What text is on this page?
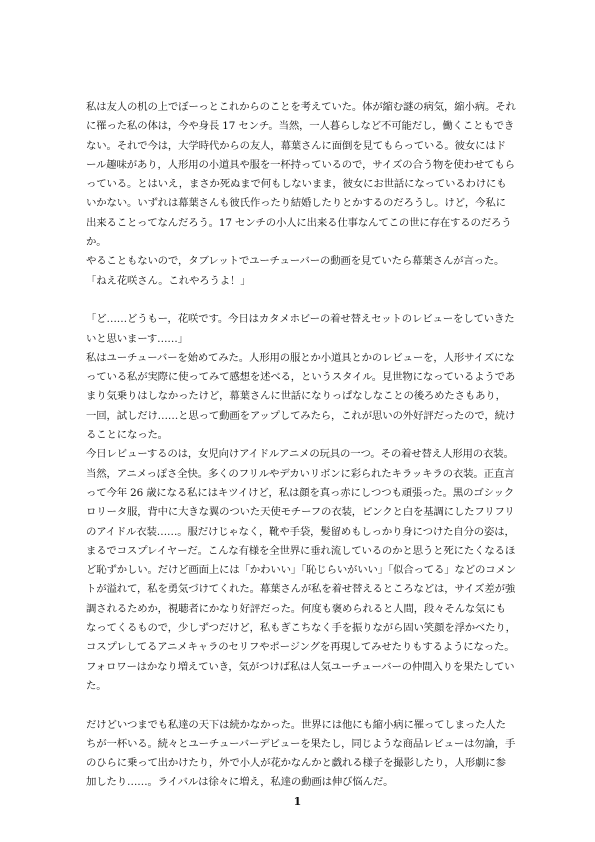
私は友人の机の上でぼーっとこれからのことを考えていた。体が縮む謎の病気，縮小病。それに罹った私の体は，今や身長 17 センチ。当然，一人暮らしなど不可能だし，働くこともできない。それで今は，大学時代からの友人，幕葉さんに面倒を見てもらっている。彼女にはドール趣味があり，人形用の小道具や服を一杯持っているので，サイズの合う物を使わせてもらっている。とはいえ，まさか死ぬまで何もしないまま，彼女にお世話になっているわけにもいかない。いずれは幕葉さんも彼氏作ったり結婚したりとかするのだろうし。けど，今私に出来ることってなんだろう。17 センチの小人に出来る仕事なんてこの世に存在するのだろうか。

やることもないので，タブレットでユーチューバーの動画を見ていたら幕葉さんが言った。

「ねえ花咲さん。これやろうよ！」

「ど……どうもー，花咲です。今日はカタメホビーの着せ替えセットのレビューをしていきたいと思いまーす……」

私はユーチューバーを始めてみた。人形用の服とか小道具とかのレビューを，人形サイズになっている私が実際に使ってみて感想を述べる，というスタイル。見世物になっているようであまり気乗りはしなかったけど，幕葉さんに世話になりっぱなしなことの後ろめたさもあり，一回，試しだけ……と思って動画をアップしてみたら，これが思いの外好評だったので，続けることになった。

今日レビューするのは，女児向けアイドルアニメの玩具の一つ。その着せ替え人形用の衣装。当然，アニメっぽさ全快。多くのフリルやデカいリボンに彩られたキラッキラの衣装。正直言って今年 26 歳になる私にはキツイけど，私は顔を真っ赤にしつつも頑張った。黒のゴシックロリータ服，背中に大きな翼のついた天使モチーフの衣装，ピンクと白を基調にしたフリフリのアイドル衣装……。服だけじゃなく，靴や手袋，髪留めもしっかり身につけた自分の姿は，まるでコスプレイヤーだ。こんな有様を全世界に垂れ流しているのかと思うと死にたくなるほど恥ずかしい。だけど画面上には「かわいい」「恥じらいがいい」「似合ってる」などのコメントが溢れて，私を勇気づけてくれた。幕葉さんが私を着せ替えるところなどは，サイズ差が強調されるためか，視聴者にかなり好評だった。何度も褒められると人間，段々そんな気にもなってくるもので，少しずつだけど，私もぎこちなく手を振りながら固い笑顔を浮かべたり，コスプレしてるアニメキャラのセリフやポージングを再現してみせたりもするようになった。フォロワーはかなり増えていき，気がつけば私は人気ユーチューバーの仲間入りを果たしていた。

だけどいつまでも私達の天下は続かなかった。世界には他にも縮小病に罹ってしまった人たちが一杯いる。続々とユーチューバーデビューを果たし，同じような商品レビューは勿論，手のひらに乗って出かけたり，外で小人が花かなんかと戯れる様子を撮影したり，人形劇に参加したり……。ライバルは徐々に増え，私達の動画は伸び悩んだ。

1
